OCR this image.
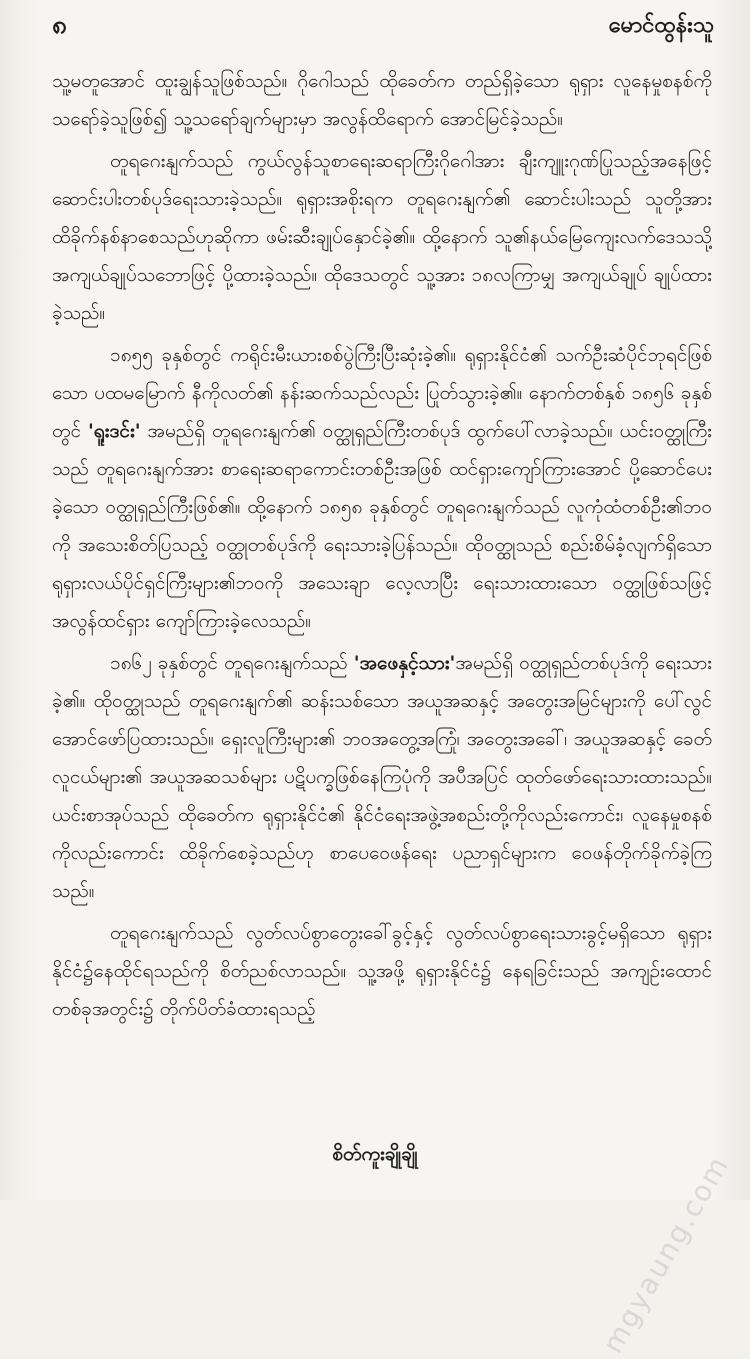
၈	မောင်ထွန်းသူ

သူ့မတူအောင် ထူးချွန်သူဖြစ်သည်။ ဂိုဂေါသည် ထိုခေတ်က တည်ရှိခဲ့သော ရုရှား လူနေမှုစနစ်ကို သရော်ခဲ့သူဖြစ်၍ သူ့သရော်ချက်များမှာ အလွန်ထိရောက် အောင်မြင်ခဲ့သည်။

တူရဂေးနျက်သည် ကွယ်လွန်သူစာရေးဆရာကြီးဂိုဂေါအား ချီးကျူးဂုဏ်ပြုသည့်အနေဖြင့် ဆောင်းပါးတစ်ပုဒ်ရေးသားခဲ့သည်။ ရုရှားအစိုးရက တူရဂေးနျက်၏ ဆောင်းပါးသည် သူတို့အား ထိခိုက်နစ်နာစေသည်ဟုဆိုကာ ဖမ်းဆီးချုပ်နှောင်ခဲ့၏။ ထို့နောက် သူ၏နယ်မြေကျေးလက်ဒေသသို့ အကျယ်ချုပ်သဘောဖြင့် ပို့ထားခဲ့သည်။ ထိုဒေသတွင် သူ့အား ၁၈လကြာမျှ အကျယ်ချုပ် ချုပ်ထားခဲ့သည်။

၁၈၅၅ ခုနှစ်တွင် ကရိုင်းမီးယားစစ်ပွဲကြီးပြီးဆုံးခဲ့၏။ ရုရှားနိုင်ငံ၏ သက်ဦးဆံပိုင်ဘုရင်ဖြစ်သော ပထမမြောက် နီကိုလတ်၏ နန်းဆက်သည်လည်း ပြုတ်သွားခဲ့၏။ နောက်တစ်နှစ် ၁၈၅၆ ခုနှစ်တွင် 'ရူးဒင်း' အမည်ရှိ တူရဂေးနျက်၏ ဝတ္ထုရှည်ကြီးတစ်ပုဒ် ထွက်ပေါ်လာခဲ့သည်။ ယင်းဝတ္ထုကြီးသည် တူရဂေးနျက်အား စာရေးဆရာကောင်းတစ်ဦးအဖြစ် ထင်ရှားကျော်ကြားအောင် ပို့ဆောင်ပေးခဲ့သော ဝတ္ထုရှည်ကြီးဖြစ်၏။ ထို့နောက် ၁၈၅၈ ခုနှစ်တွင် တူရဂေးနျက်သည် လူကုံထံတစ်ဦး၏ဘဝကို အသေးစိတ်ပြသည့် ဝတ္ထုတစ်ပုဒ်ကို ရေးသားခဲ့ပြန်သည်။ ထိုဝတ္ထုသည် စည်းစိမ်ခံ့လျက်ရှိသော ရုရှားလယ်ပိုင်ရှင်ကြီးများ၏ဘဝကို အသေးချာ လေ့လာပြီး ရေးသားထားသော ဝတ္ထုဖြစ်သဖြင့် အလွန်ထင်ရှား ကျော်ကြားခဲ့လေသည်။

၁၈၆၂ ခုနှစ်တွင် တူရဂေးနျက်သည် 'အဖေနှင့်သား'အမည်ရှိ ဝတ္ထုရှည်တစ်ပုဒ်ကို ရေးသားခဲ့၏။ ထိုဝတ္ထုသည် တူရဂေးနျက်၏ ဆန်းသစ်သော အယူအဆနှင့် အတွေးအမြင်များကို ပေါ်လွင်အောင်ဖော်ပြထားသည်။ ရှေးလူကြီးများ၏ ဘဝအတွေ့အကြုံ၊ အတွေးအခေါ်၊ အယူအဆနှင့် ခေတ်လူငယ်များ၏ အယူအဆသစ်များ ပဋိပက္ခဖြစ်နေကြပုံကို အပီအပြင် ထုတ်ဖော်ရေးသားထားသည်။ ယင်းစာအုပ်သည် ထိုခေတ်က ရုရှားနိုင်ငံ၏ နိုင်ငံရေးအဖွဲ့အစည်းတို့ကိုလည်းကောင်း၊ လူနေမှုစနစ်ကိုလည်းကောင်း ထိခိုက်စေခဲ့သည်ဟု စာပေဝေဖန်ရေး ပညာရှင်များက ဝေဖန်တိုက်ခိုက်ခဲ့ကြသည်။

တူရဂေးနျက်သည် လွတ်လပ်စွာတွေးခေါ်ခွင့်နှင့် လွတ်လပ်စွာရေးသားခွင့်မရှိသော ရုရှားနိုင်ငံ၌နေထိုင်ရသည်ကို စိတ်ညစ်လာသည်။ သူ့အဖို့ ရုရှားနိုင်ငံ၌ နေရခြင်းသည် အကျဉ်းထောင်တစ်ခုအတွင်း၌ တိုက်ပိတ်ခံထားရသည့်

စိတ်ကူးချိုချို	mgyaung.com
